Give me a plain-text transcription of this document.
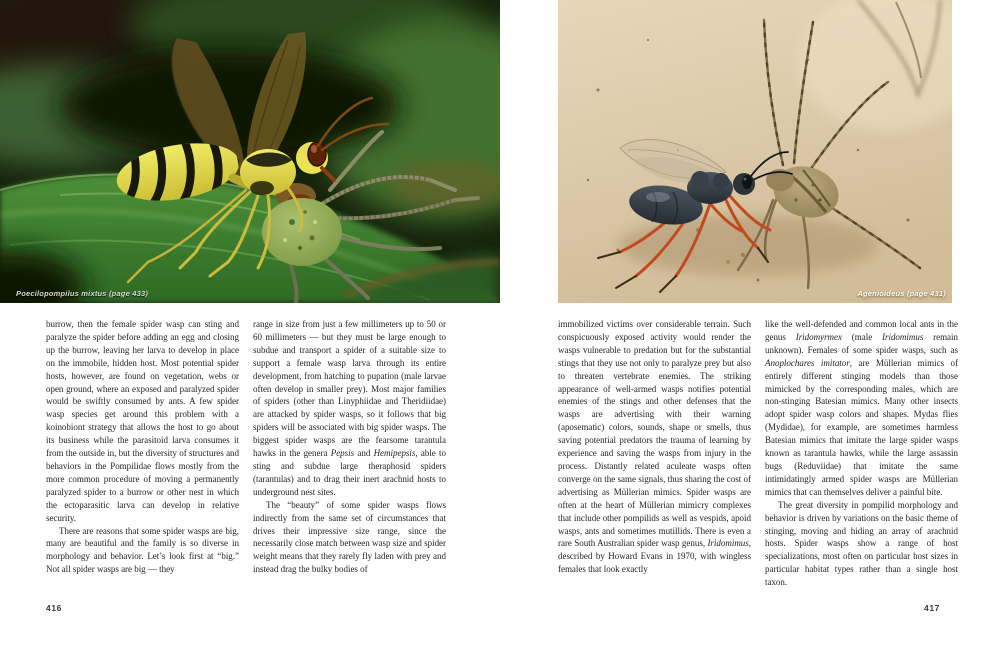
Poecilopompilus mixtus (page 433)	Agenioideus (page 431)

burrow, then the female spider wasp can sting and paralyze the spider before adding an egg and closing up the burrow, leaving her larva to develop in place on the immobile, hidden host. Most potential spider hosts, however, are found on vegetation, webs or open ground, where an exposed and paralyzed spider would be swiftly consumed by ants. A few spider wasp species get around this problem with a koinobiont strategy that allows the host to go about its business while the parasitoid larva consumes it from the outside in, but the diversity of structures and behaviors in the Pompilidae flows mostly from the more common procedure of moving a permanently paralyzed spider to a burrow or other nest in which the ectoparasitic larva can develop in relative security.

There are reasons that some spider wasps are big, many are beautiful and the family is so diverse in morphology and behavior. Let’s look first at “big.” Not all spider wasps are big — they

range in size from just a few millimeters up to 50 or 60 millimeters — but they must be large enough to subdue and transport a spider of a suitable size to support a female wasp larva through its entire development, from hatching to pupation (male larvae often develop in smaller prey). Most major families of spiders (other than Linyphiidae and Theridiidae) are attacked by spider wasps, so it follows that big spiders will be associated with big spider wasps. The biggest spider wasps are the fearsome tarantula hawks in the genera Pepsis and Hemipepsis, able to sting and subdue large theraphosid spiders (tarantulas) and to drag their inert arachnid hosts to underground nest sites.

The “beauty” of some spider wasps flows indirectly from the same set of circumstances that drives their impressive size range, since the necessarily close match between wasp size and spider weight means that they rarely fly laden with prey and instead drag the bulky bodies of

immobilized victims over considerable terrain. Such conspicuously exposed activity would render the wasps vulnerable to predation but for the substantial stings that they use not only to paralyze prey but also to threaten vertebrate enemies. The striking appearance of well-armed wasps notifies potential enemies of the stings and other defenses that the wasps are advertising with their warning (aposematic) colors, sounds, shape or smells, thus saving potential predators the trauma of learning by experience and saving the wasps from injury in the process. Distantly related aculeate wasps often converge on the same signals, thus sharing the cost of advertising as Müllerian mimics. Spider wasps are often at the heart of Müllerian mimicry complexes that include other pompilids as well as vespids, apoid wasps, ants and sometimes mutillids. There is even a rare South Australian spider wasp genus, Iridomimus, described by Howard Evans in 1970, with wingless females that look exactly

like the well-defended and common local ants in the genus Iridomyrmex (male Iridomimus remain unknown). Females of some spider wasps, such as Anoplochares imitator, are Müllerian mimics of entirely different stinging models than those mimicked by the corresponding males, which are non-stinging Batesian mimics. Many other insects adopt spider wasp colors and shapes. Mydas flies (Mydidae), for example, are sometimes harmless Batesian mimics that imitate the large spider wasps known as tarantula hawks, while the large assassin bugs (Reduviidae) that imitate the same intimidatingly armed spider wasps are Müllerian mimics that can themselves deliver a painful bite.

The great diversity in pompilid morphology and behavior is driven by variations on the basic theme of stinging, moving and hiding an array of arachnid hosts. Spider wasps show a range of host specializations, most often on particular host sizes in particular habitat types rather than a single host taxon.

416	417
